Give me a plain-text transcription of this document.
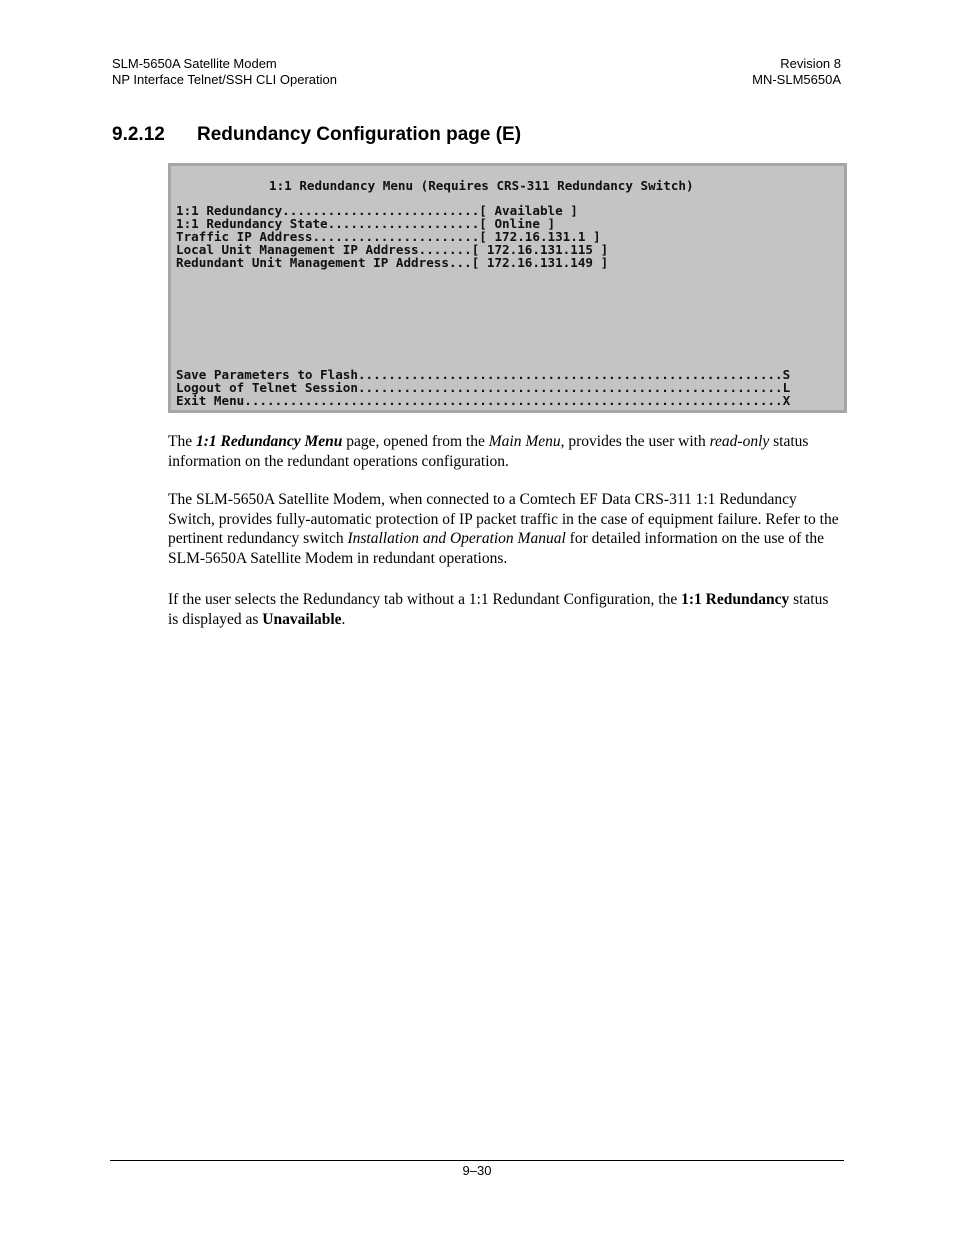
SLM-5650A Satellite Modem
NP Interface Telnet/SSH CLI Operation
Revision 8
MN-SLM5650A
9.2.12 Redundancy Configuration page (E)
1:1 Redundancy Menu (Requires CRS-311 Redundancy Switch)
1:1 Redundancy..........................[ Available ]
1:1 Redundancy State....................[ Online ]
Traffic IP Address......................[ 172.16.131.1 ]
Local Unit Management IP Address.......[ 172.16.131.115 ]
Redundant Unit Management IP Address...[ 172.16.131.149 ]
Save Parameters to Flash........................................................S
Logout of Telnet Session........................................................L
Exit Menu.......................................................................X
The 1:1 Redundancy Menu page, opened from the Main Menu, provides the user with read-only status information on the redundant operations configuration.
The SLM-5650A Satellite Modem, when connected to a Comtech EF Data CRS-311 1:1 Redundancy Switch, provides fully-automatic protection of IP packet traffic in the case of equipment failure. Refer to the pertinent redundancy switch Installation and Operation Manual for detailed information on the use of the SLM-5650A Satellite Modem in redundant operations.
If the user selects the Redundancy tab without a 1:1 Redundant Configuration, the 1:1 Redundancy status is displayed as Unavailable.
9–30
